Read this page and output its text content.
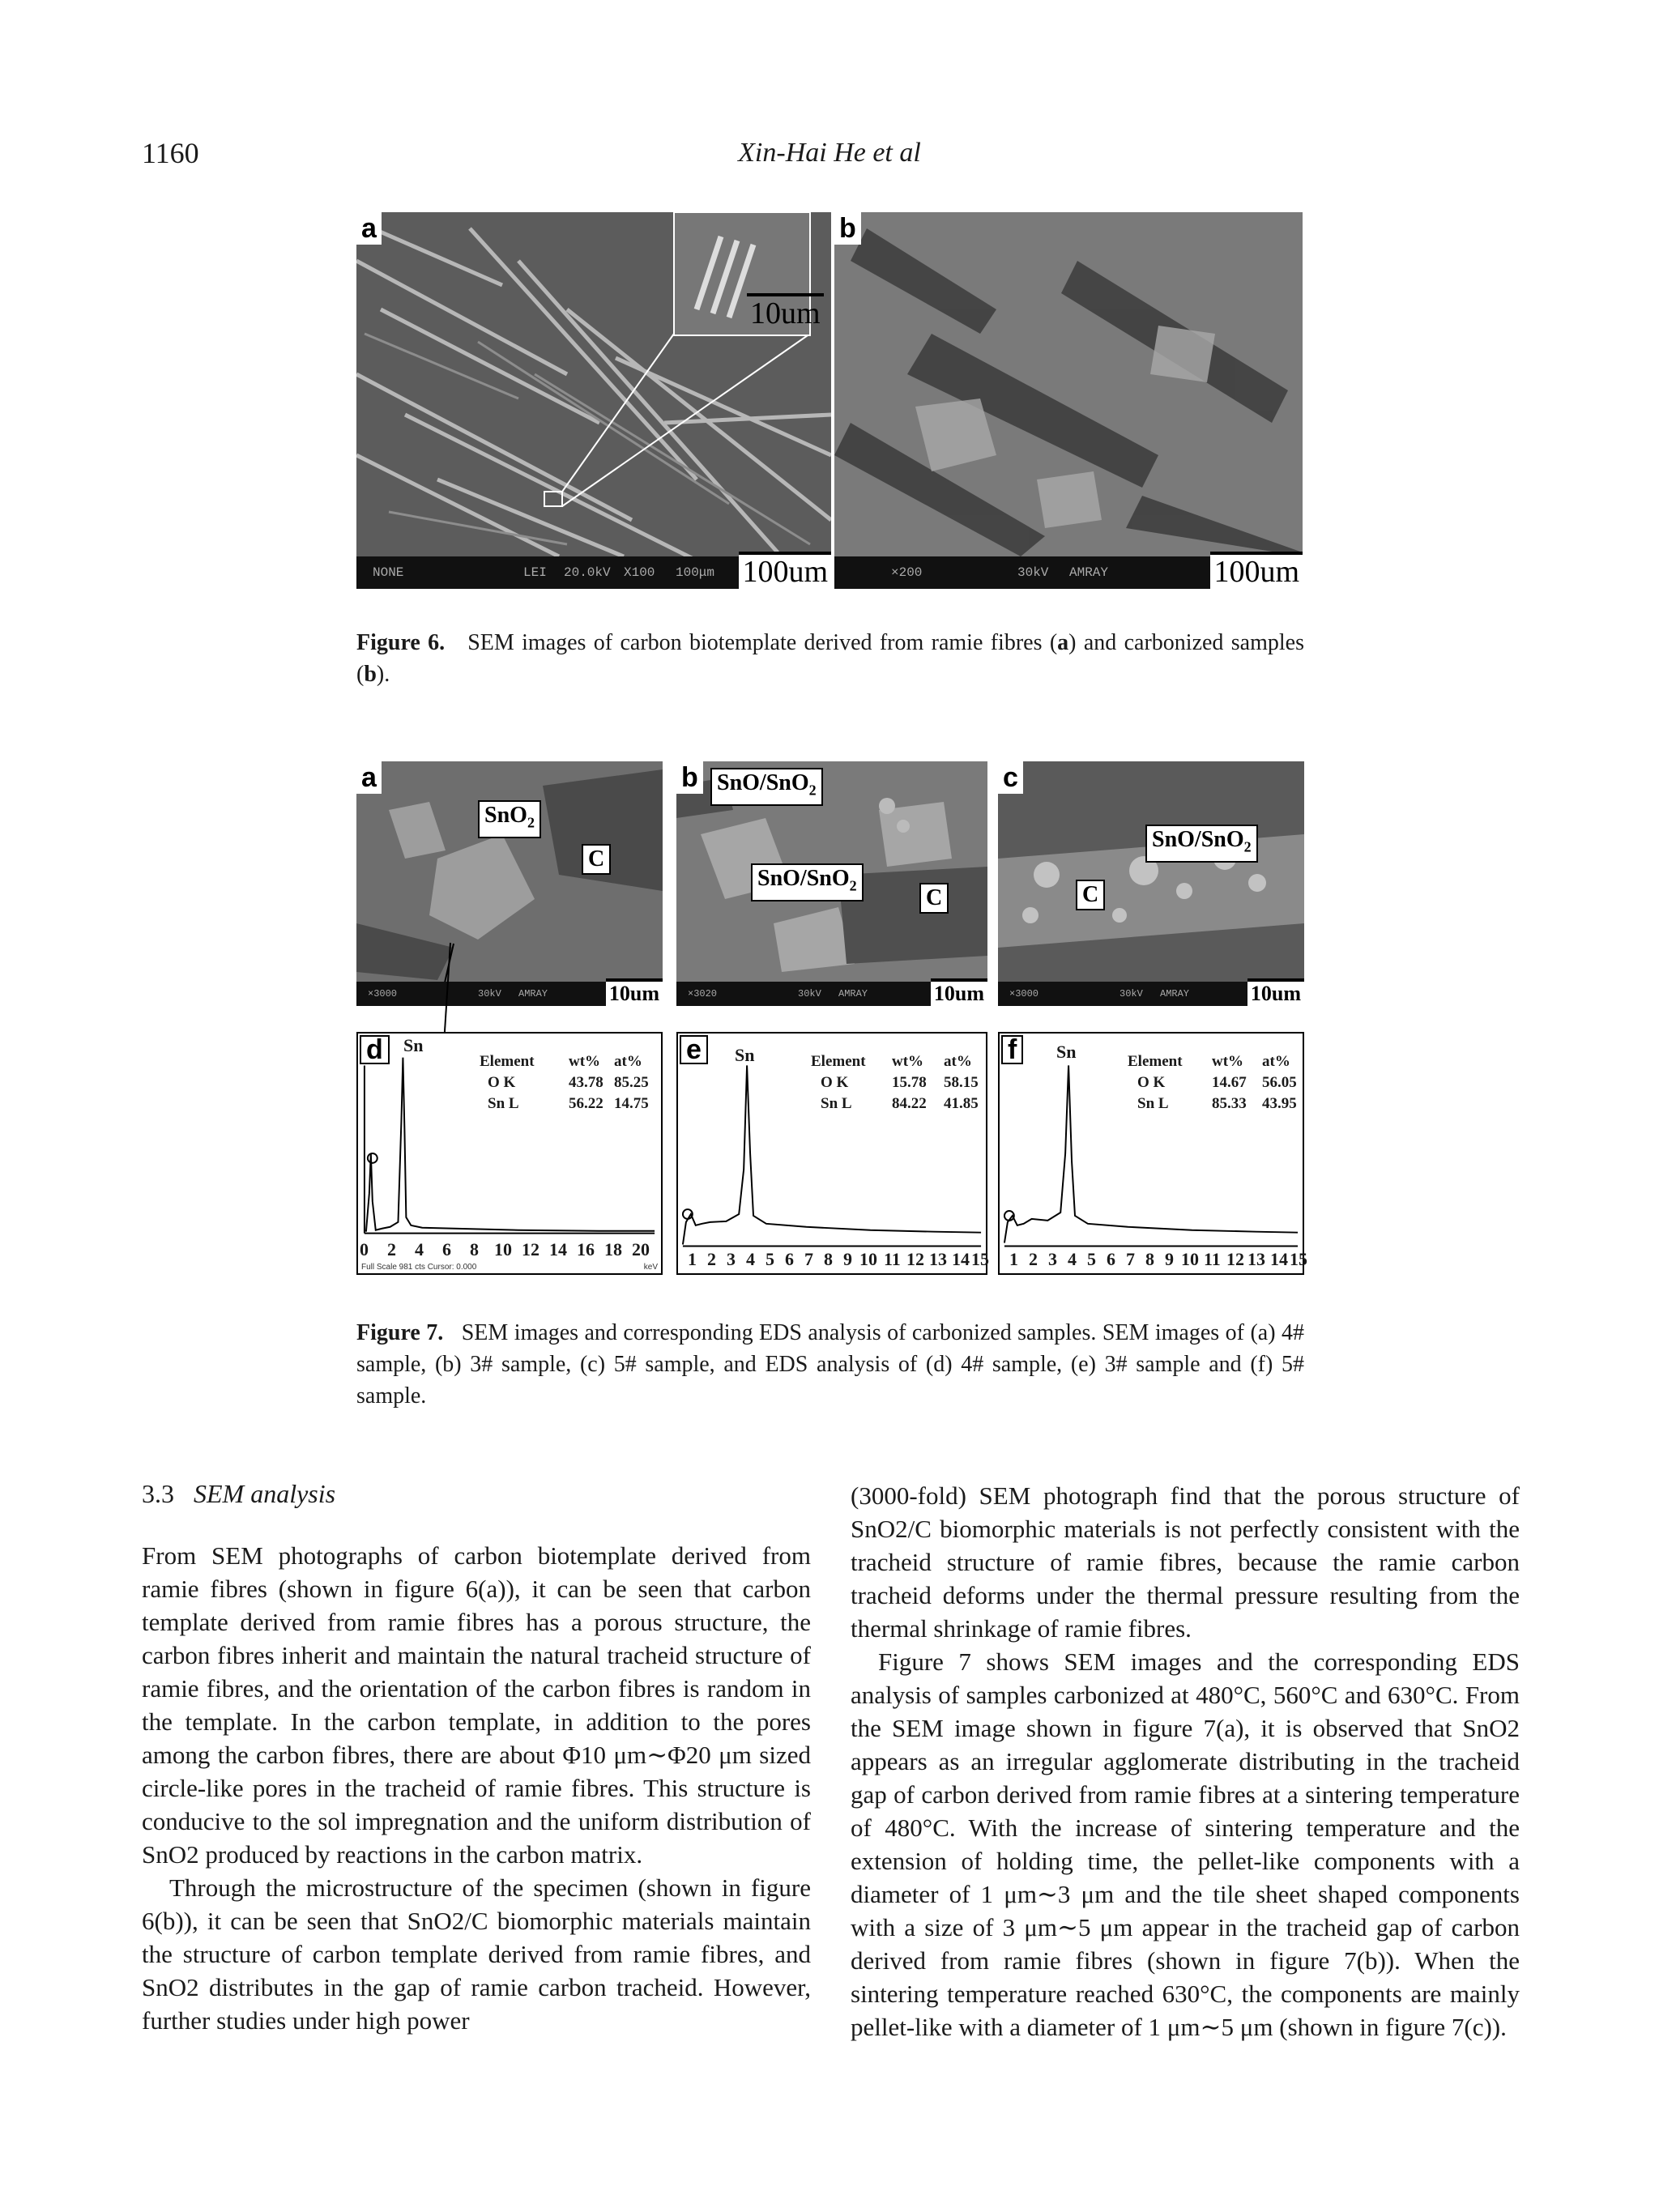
1160	Xin-Hai He et al
a
10um
NONE	LEI 20.0kV X100 100μm 100um
b
×200	30kV AMRAY	100um
Figure 6. SEM images of carbon biotemplate derived from ramie fibres (a) and carbonized samples (b).
a
SnO$_2$
C
×3000	30kV AMRAY	10um
b SnO/SnO$_2$
SnO/SnO$_2$	C
×3020	30kV AMRAY	10um
c
SnO/SnO$_2$
C
×3000	30kV AMRAY	10um
d	Sn
Element wt% at%
O K	43.78 85.25
Sn L	56.22 14.75
0 2 4 6 8 10 12 14 16 18 20
Full Scale 981 cts Cursor: 0.000	keV
e	Sn	Element wt% at%
O K	15.78 58.15
Sn L	84.22 41.85
1 2 3 4 5 6 7 8 9 10 11 12 13 14 15
f	Sn	Element wt% at%
O K	14.67 56.05
Sn L	85.33 43.95
1 2 3 4 5 6 7 8 9 10 11 12 13 14 15
Figure 7. SEM images and corresponding EDS analysis of carbonized samples. SEM images of (a) 4# sample, (b) 3# sample, (c) 5# sample, and EDS analysis of (d) 4# sample, (e) 3# sample and (f) 5# sample.
3.3 SEM analysis

From SEM photographs of carbon biotemplate derived from ramie fibres (shown in figure 6(a)), it can be seen that carbon template derived from ramie fibres has a porous structure, the carbon fibres inherit and maintain the natural tracheid structure of ramie fibres, and the orientation of the carbon fibres is random in the template. In the carbon template, in addition to the pores among the carbon fibres, there are about Φ10 μm∼Φ20 μm sized circle-like pores in the tracheid of ramie fibres. This structure is conducive to the sol impregnation and the uniform distribution of SnO2 produced by reactions in the carbon matrix.

Through the microstructure of the specimen (shown in figure 6(b)), it can be seen that SnO2/C biomorphic materials maintain the structure of carbon template derived from ramie fibres, and SnO2 distributes in the gap of ramie carbon tracheid. However, further studies under high power

(3000-fold) SEM photograph find that the porous structure of SnO2/C biomorphic materials is not perfectly consistent with the tracheid structure of ramie fibres, because the ramie carbon tracheid deforms under the thermal pressure resulting from the thermal shrinkage of ramie fibres.

Figure 7 shows SEM images and the corresponding EDS analysis of samples carbonized at 480°C, 560°C and 630°C. From the SEM image shown in figure 7(a), it is observed that SnO2 appears as an irregular agglomerate distributing in the tracheid gap of carbon derived from ramie fibres at a sintering temperature of 480°C. With the increase of sintering temperature and the extension of holding time, the pellet-like components with a diameter of 1 μm∼3 μm and the tile sheet shaped components with a size of 3 μm∼5 μm appear in the tracheid gap of carbon derived from ramie fibres (shown in figure 7(b)). When the sintering temperature reached 630°C, the components are mainly pellet-like with a diameter of 1 μm∼5 μm (shown in figure 7(c)).
